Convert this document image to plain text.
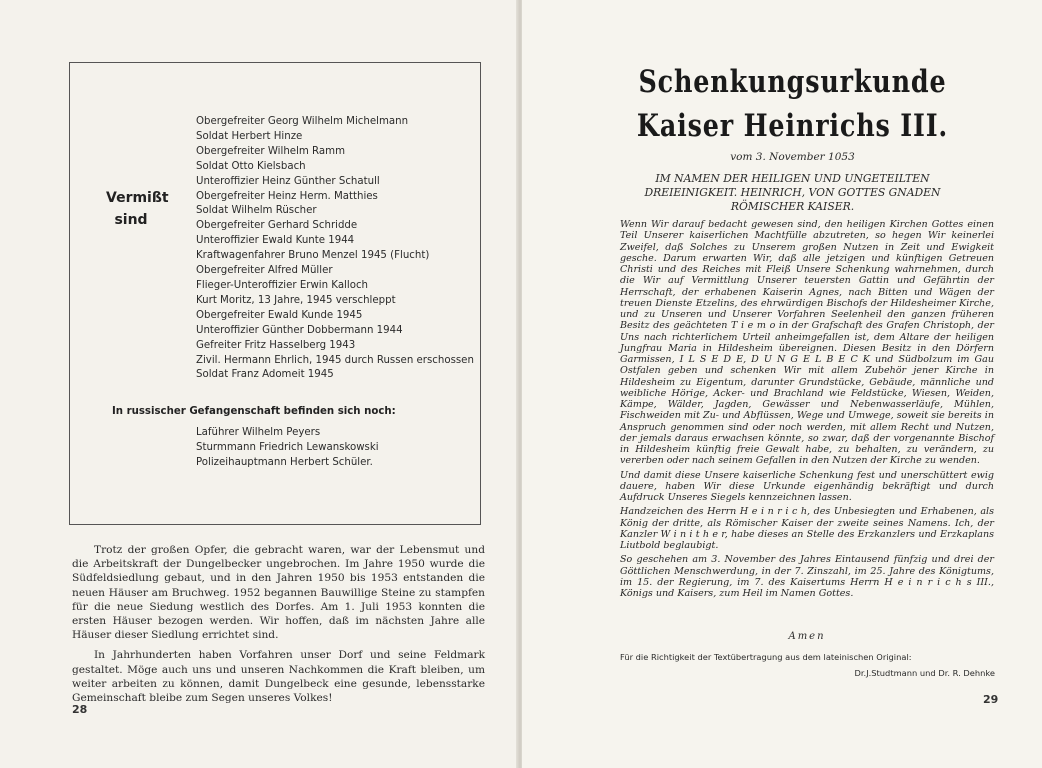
Vermißt
sind
Obergefreiter Georg Wilhelm Michelmann
Soldat Herbert Hinze
Obergefreiter Wilhelm Ramm
Soldat Otto Kielsbach
Unteroffizier Heinz Günther Schatull
Obergefreiter Heinz Herm. Matthies
Soldat Wilhelm Rüscher
Obergefreiter Gerhard Schridde
Unteroffizier Ewald Kunte 1944
Kraftwagenfahrer Bruno Menzel 1945 (Flucht)
Obergefreiter Alfred Müller
Flieger-Unteroffizier Erwin Kalloch
Kurt Moritz, 13 Jahre, 1945 verschleppt
Obergefreiter Ewald Kunde 1945
Unteroffizier Günther Dobbermann 1944
Gefreiter Fritz Hasselberg 1943
Zivil. Hermann Ehrlich, 1945 durch Russen erschossen
Soldat Franz Adomeit 1945
In russischer Gefangenschaft befinden sich noch:
Laführer Wilhelm Peyers
Sturmmann Friedrich Lewanskowski
Polizeihauptmann Herbert Schüler.

Trotz der großen Opfer, die gebracht waren, war der Lebensmut und die Arbeitskraft der Dungelbecker ungebrochen. Im Jahre 1950 wurde die Südfeldsiedlung gebaut, und in den Jahren 1950 bis 1953 entstanden die neuen Häuser am Bruchweg. 1952 begannen Bauwillige Steine zu stampfen für die neue Siedung westlich des Dorfes. Am 1. Juli 1953 konnten die ersten Häuser bezogen werden. Wir hoffen, daß im nächsten Jahre alle Häuser dieser Siedlung errichtet sind.

In Jahrhunderten haben Vorfahren unser Dorf und seine Feldmark gestaltet. Möge auch uns und unseren Nachkommen die Kraft bleiben, um weiter arbeiten zu können, damit Dungelbeck eine gesunde, lebensstarke Gemeinschaft bleibe zum Segen unseres Volkes!

28
Schenkungsurkunde
Kaiser Heinrichs III.
vom 3. November 1053
IM NAMEN DER HEILIGEN UND UNGETEILTEN
DREIEINIGKEIT. HEINRICH, VON GOTTES GNADEN
RÖMISCHER KAISER.

Wenn Wir darauf bedacht gewesen sind, den heiligen Kirchen Gottes einen Teil Unserer kaiserlichen Machtfülle abzutreten, so hegen Wir keinerlei Zweifel, daß Solches zu Unserem großen Nutzen in Zeit und Ewigkeit gesche. Darum erwarten Wir, daß alle jetzigen und künftigen Getreuen Christi und des Reiches mit Fleiß Unsere Schenkung wahrnehmen, durch die Wir auf Vermittlung Unserer teuersten Gattin und Gefährtin der Herrschaft, der erhabenen Kaiserin Agnes, nach Bitten und Wägen der treuen Dienste Etzelins, des ehrwürdigen Bischofs der Hildesheimer Kirche, und zu Unseren und Unserer Vorfahren Seelenheil den ganzen früheren Besitz des geächteten T i e m o in der Grafschaft des Grafen Christoph, der Uns nach richterlichem Urteil anheimgefallen ist, dem Altare der heiligen Jungfrau Maria in Hildesheim übereignen. Diesen Besitz in den Dörfern Garmissen, I L S E D E, D U N G E L B E C K und Südbolzum im Gau Ostfalen geben und schenken Wir mit allem Zubehör jener Kirche in Hildesheim zu Eigentum, darunter Grundstücke, Gebäude, männliche und weibliche Hörige, Acker- und Brachland wie Feldstücke, Wiesen, Weiden, Kämpe, Wälder, Jagden, Gewässer und Nebenwasserläufe, Mühlen, Fischweiden mit Zu- und Abflüssen, Wege und Umwege, soweit sie bereits in Anspruch genommen sind oder noch werden, mit allem Recht und Nutzen, der jemals daraus erwachsen könnte, so zwar, daß der vorgenannte Bischof in Hildesheim künftig freie Gewalt habe, zu behalten, zu verändern, zu vererben oder nach seinem Gefallen in den Nutzen der Kirche zu wenden.

Und damit diese Unsere kaiserliche Schenkung fest und unerschüttert ewig dauere, haben Wir diese Urkunde eigenhändig bekräftigt und durch Aufdruck Unseres Siegels kennzeichnen lassen.

Handzeichen des Herrn H e i n r i c h, des Unbesiegten und Erhabenen, als König der dritte, als Römischer Kaiser der zweite seines Namens. Ich, der Kanzler W i n i t h e r, habe dieses an Stelle des Erzkanzlers und Erzkaplans Liutbold beglaubigt.

So geschehen am 3. November des Jahres Eintausend fünfzig und drei der Göttlichen Menschwerdung, in der 7. Zinszahl, im 25. Jahre des Königtums, im 15. der Regierung, im 7. des Kaisertums Herrn H e i n r i c h s III., Königs und Kaisers, zum Heil im Namen Gottes.

Amen
Für die Richtigkeit der Textübertragung aus dem lateinischen Original:
Dr.J.Studtmann und Dr. R. Dehnke
29
